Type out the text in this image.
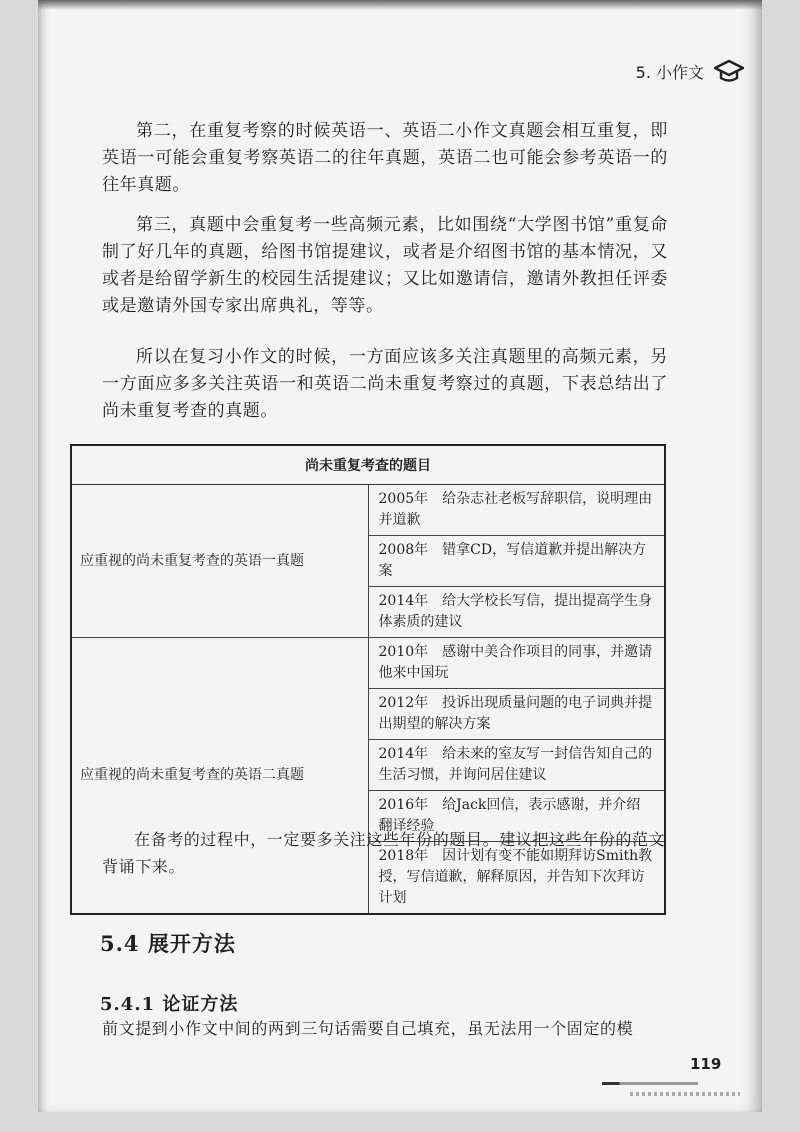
5. 小作文

第二，在重复考察的时候英语一、英语二小作文真题会相互重复，即英语一可能会重复考察英语二的往年真题，英语二也可能会参考英语一的往年真题。

第三，真题中会重复考一些高频元素，比如围绕“大学图书馆”重复命制了好几年的真题，给图书馆提建议，或者是介绍图书馆的基本情况，又或者是给留学新生的校园生活提建议；又比如邀请信，邀请外教担任评委或是邀请外国专家出席典礼，等等。

所以在复习小作文的时候，一方面应该多关注真题里的高频元素，另一方面应多多关注英语一和英语二尚未重复考察过的真题，下表总结出了尚未重复考查的真题。

尚未重复考查的题目	
应重视的尚未重复考查的英语一真题	2005年　给杂志社老板写辞职信，说明理由并道歉
	2008年　错拿CD，写信道歉并提出解决方案
	2014年　给大学校长写信，提出提高学生身体素质的建议
应重视的尚未重复考查的英语二真题	2010年　感谢中美合作项目的同事，并邀请他来中国玩
	2012年　投诉出现质量问题的电子词典并提出期望的解决方案
	2014年　给未来的室友写一封信告知自己的生活习惯，并询问居住建议
	2016年　给Jack回信，表示感谢，并介绍翻译经验
	2018年　因计划有变不能如期拜访Smith教授，写信道歉，解释原因，并告知下次拜访计划

在备考的过程中，一定要多关注这些年份的题目。建议把这些年份的范文背诵下来。

5.4 展开方法
5.4.1 论证方法

前文提到小作文中间的两到三句话需要自己填充，虽无法用一个固定的模

119
